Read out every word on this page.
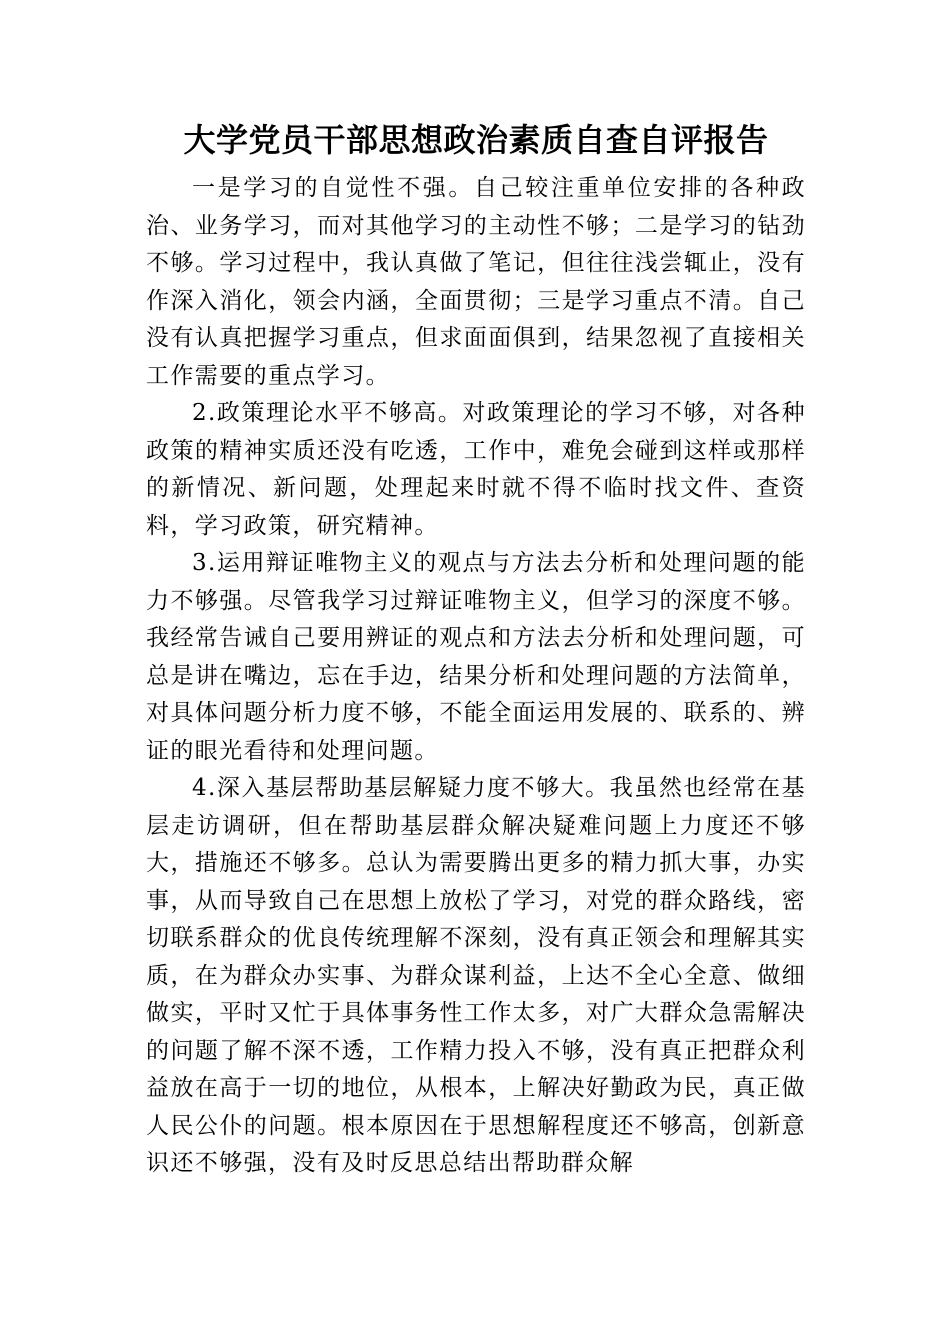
大学党员干部思想政治素质自查自评报告

一是学习的自觉性不强。自己较注重单位安排的各种政治、业务学习，而对其他学习的主动性不够；二是学习的钻劲不够。学习过程中，我认真做了笔记，但往往浅尝辄止，没有作深入消化，领会内涵，全面贯彻；三是学习重点不清。自己没有认真把握学习重点，但求面面俱到，结果忽视了直接相关工作需要的重点学习。

2.政策理论水平不够高。对政策理论的学习不够，对各种政策的精神实质还没有吃透，工作中，难免会碰到这样或那样的新情况、新问题，处理起来时就不得不临时找文件、查资料，学习政策，研究精神。

3.运用辩证唯物主义的观点与方法去分析和处理问题的能力不够强。尽管我学习过辩证唯物主义，但学习的深度不够。我经常告诫自己要用辨证的观点和方法去分析和处理问题，可总是讲在嘴边，忘在手边，结果分析和处理问题的方法简单，对具体问题分析力度不够，不能全面运用发展的、联系的、辨证的眼光看待和处理问题。

4.深入基层帮助基层解疑力度不够大。我虽然也经常在基层走访调研，但在帮助基层群众解决疑难问题上力度还不够大，措施还不够多。总认为需要腾出更多的精力抓大事，办实事，从而导致自己在思想上放松了学习，对党的群众路线，密切联系群众的优良传统理解不深刻，没有真正领会和理解其实质，在为群众办实事、为群众谋利益，上达不全心全意、做细做实，平时又忙于具体事务性工作太多，对广大群众急需解决的问题了解不深不透，工作精力投入不够，没有真正把群众利益放在高于一切的地位，从根本，上解决好勤政为民，真正做人民公仆的问题。根本原因在于思想解程度还不够高，创新意识还不够强，没有及时反思总结出帮助群众解
